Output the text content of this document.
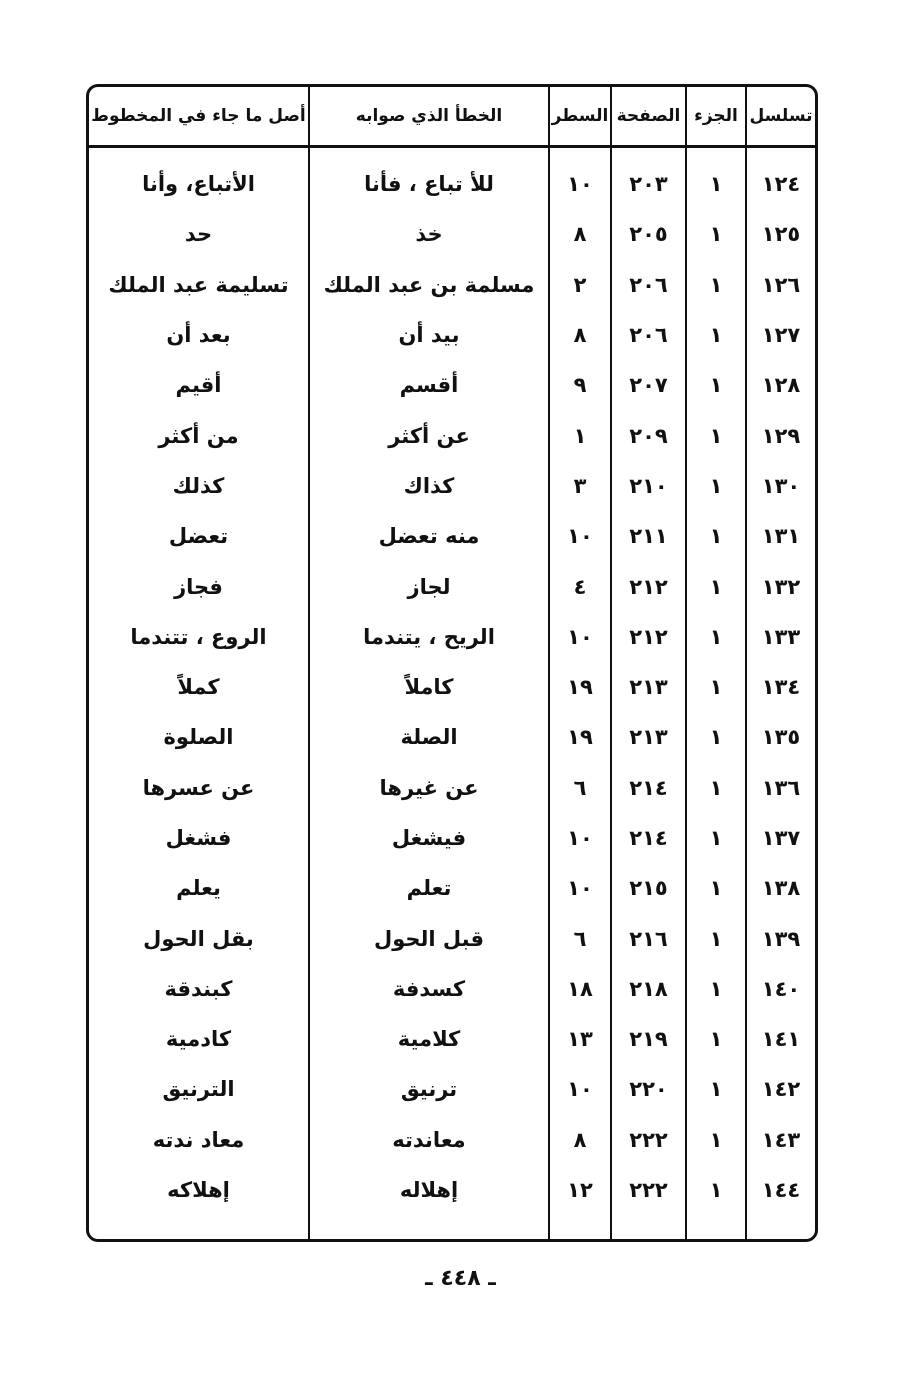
أصل ما جاء في المخطوط	الخطأ الذي صوابه	السطر الصفحة الجزء تسلسل
الأتباع، وأنا	للأ تباع ، فأنا	١٠	٢٠٣	١	١٢٤
حد	خذ	٨	٢٠٥	١	١٢٥
تسليمة عبد الملك	مسلمة بن عبد الملك	٢	٢٠٦	١	١٢٦
بعد أن	بيد أن	٨	٢٠٦	١	١٢٧
أقيم	أقسم	٩	٢٠٧	١	١٢٨
من أكثر	عن أكثر	١	٢٠٩	١	١٢٩
كذلك	كذاك	٣	٢١٠	١	١٣٠
تعضل	منه تعضل	١٠	٢١١	١	١٣١
فجاز	لجاز	٤	٢١٢	١	١٣٢
الروع ، تتندما	الريح ، يتندما	١٠	٢١٢	١	١٣٣
كملاً	كاملاً	١٩	٢١٣	١	١٣٤
الصلوة	الصلة	١٩	٢١٣	١	١٣٥
عن عسرها	عن غيرها	٦	٢١٤	١	١٣٦
فشغل	فيشغل	١٠	٢١٤	١	١٣٧
يعلم	تعلم	١٠	٢١٥	١	١٣٨
بقل الحول	قبل الحول	٦	٢١٦	١	١٣٩
كبندقة	كسدفة	١٨	٢١٨	١	١٤٠
كادمية	كلامية	١٣	٢١٩	١	١٤١
الترنيق	ترنيق	١٠	٢٢٠	١	١٤٢
معاد ندته	معاندته	٨	٢٢٢	١	١٤٣
إهلاكه	إهلاله	١٢	٢٢٢	١	١٤٤
ـ ٤٤٨ ـ
